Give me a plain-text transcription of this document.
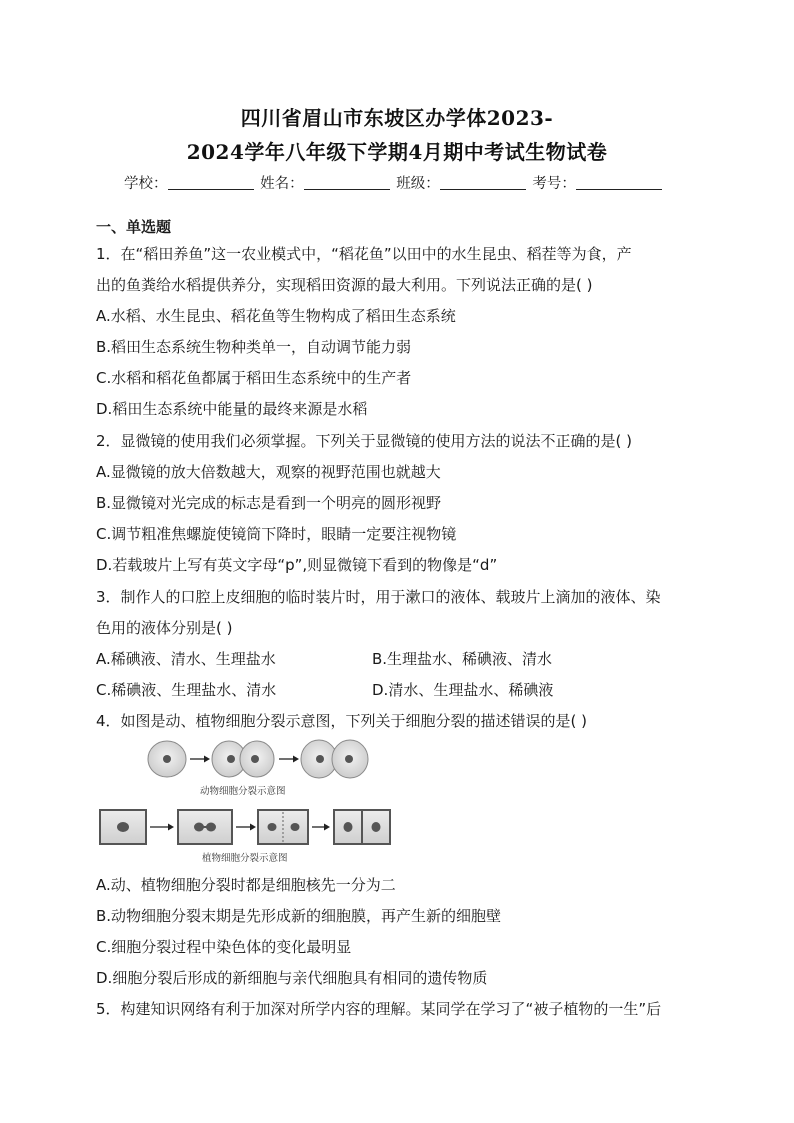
四川省眉山市东坡区办学体2023-
2024学年八年级下学期4月期中考试生物试卷
学校：	姓名：	班级：	考号：
一、单选题
1．在“稻田养鱼”这一农业模式中，“稻花鱼”以田中的水生昆虫、稻茬等为食，产
出的鱼粪给水稻提供养分，实现稻田资源的最大利用。下列说法正确的是( )
A.水稻、水生昆虫、稻花鱼等生物构成了稻田生态系统
B.稻田生态系统生物种类单一，自动调节能力弱
C.水稻和稻花鱼都属于稻田生态系统中的生产者
D.稻田生态系统中能量的最终来源是水稻
2．显微镜的使用我们必须掌握。下列关于显微镜的使用方法的说法不正确的是( )
A.显微镜的放大倍数越大，观察的视野范围也就越大
B.显微镜对光完成的标志是看到一个明亮的圆形视野
C.调节粗准焦螺旋使镜筒下降时，眼睛一定要注视物镜
D.若载玻片上写有英文字母“p”,则显微镜下看到的物像是“d”
3．制作人的口腔上皮细胞的临时装片时，用于漱口的液体、载玻片上滴加的液体、染
色用的液体分别是( )
A.稀碘液、清水、生理盐水	B.生理盐水、稀碘液、清水
C.稀碘液、生理盐水、清水	D.清水、生理盐水、稀碘液
4．如图是动、植物细胞分裂示意图，下列关于细胞分裂的描述错误的是( )
动物细胞分裂示意图
植物细胞分裂示意图
A.动、植物细胞分裂时都是细胞核先一分为二
B.动物细胞分裂末期是先形成新的细胞膜，再产生新的细胞壁
C.细胞分裂过程中染色体的变化最明显
D.细胞分裂后形成的新细胞与亲代细胞具有相同的遗传物质
5．构建知识网络有利于加深对所学内容的理解。某同学在学习了“被子植物的一生”后
